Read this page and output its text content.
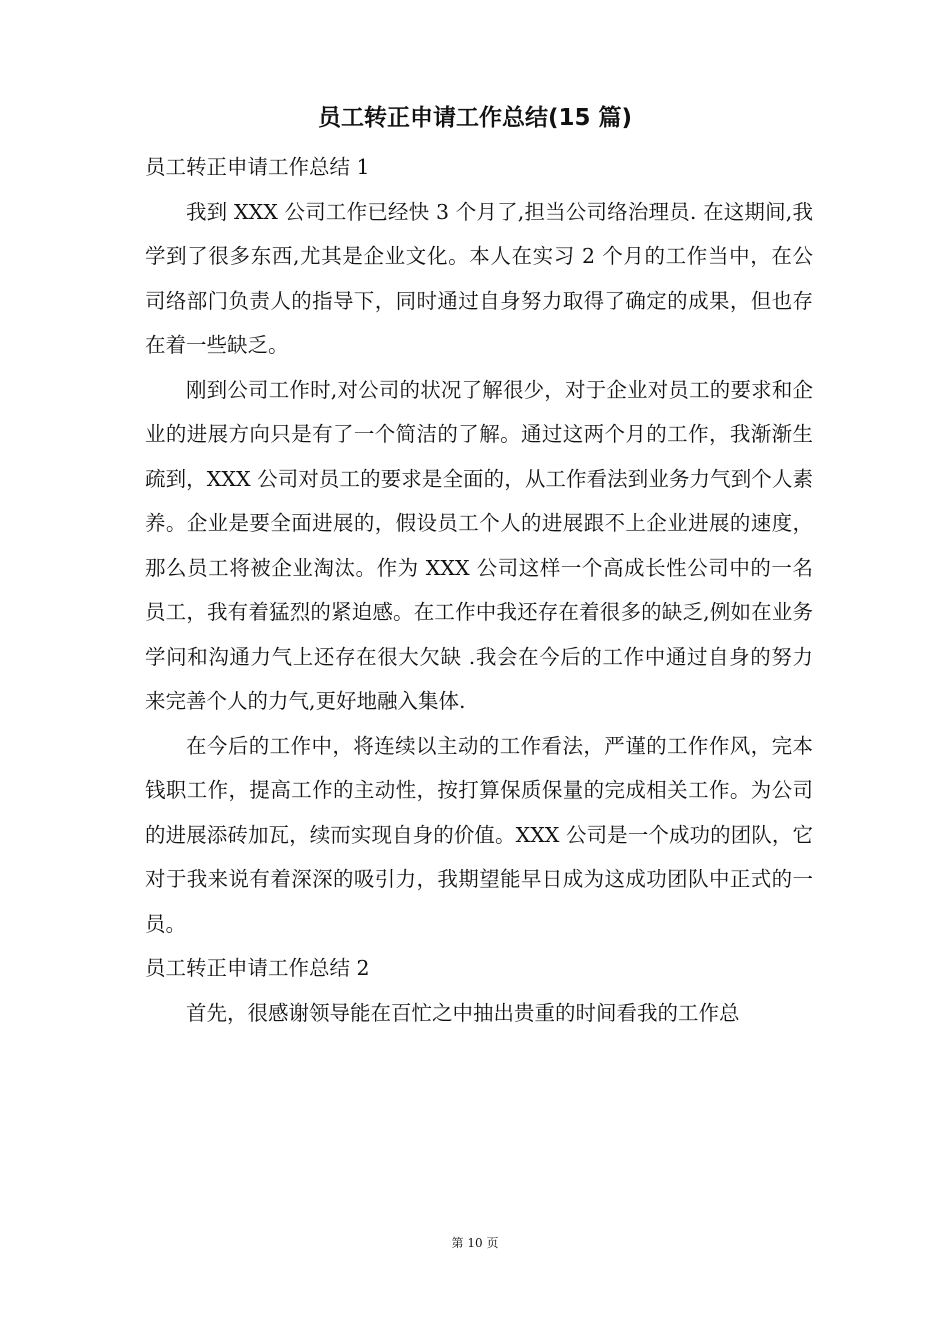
员工转正申请工作总结(15 篇)

员工转正申请工作总结 1

我到 XXX 公司工作已经快 3 个月了,担当公司络治理员. 在这期间,我学到了很多东西,尤其是企业文化。本人在实习 2 个月的工作当中，在公司络部门负责人的指导下，同时通过自身努力取得了确定的成果，但也存在着一些缺乏。

刚到公司工作时,对公司的状况了解很少，对于企业对员工的要求和企业的进展方向只是有了一个简洁的了解。通过这两个月的工作，我渐渐生疏到，XXX 公司对员工的要求是全面的，从工作看法到业务力气到个人素养。企业是要全面进展的，假设员工个人的进展跟不上企业进展的速度，那么员工将被企业淘汰。作为 XXX 公司这样一个高成长性公司中的一名员工，我有着猛烈的紧迫感。在工作中我还存在着很多的缺乏,例如在业务学问和沟通力气上还存在很大欠缺 .我会在今后的工作中通过自身的努力来完善个人的力气,更好地融入集体.

在今后的工作中，将连续以主动的工作看法，严谨的工作作风，完本钱职工作，提高工作的主动性，按打算保质保量的完成相关工作。为公司的进展添砖加瓦，续而实现自身的价值。XXX 公司是一个成功的团队，它对于我来说有着深深的吸引力，我期望能早日成为这成功团队中正式的一员。

员工转正申请工作总结 2

首先，很感谢领导能在百忙之中抽出贵重的时间看我的工作总

第 10 页
